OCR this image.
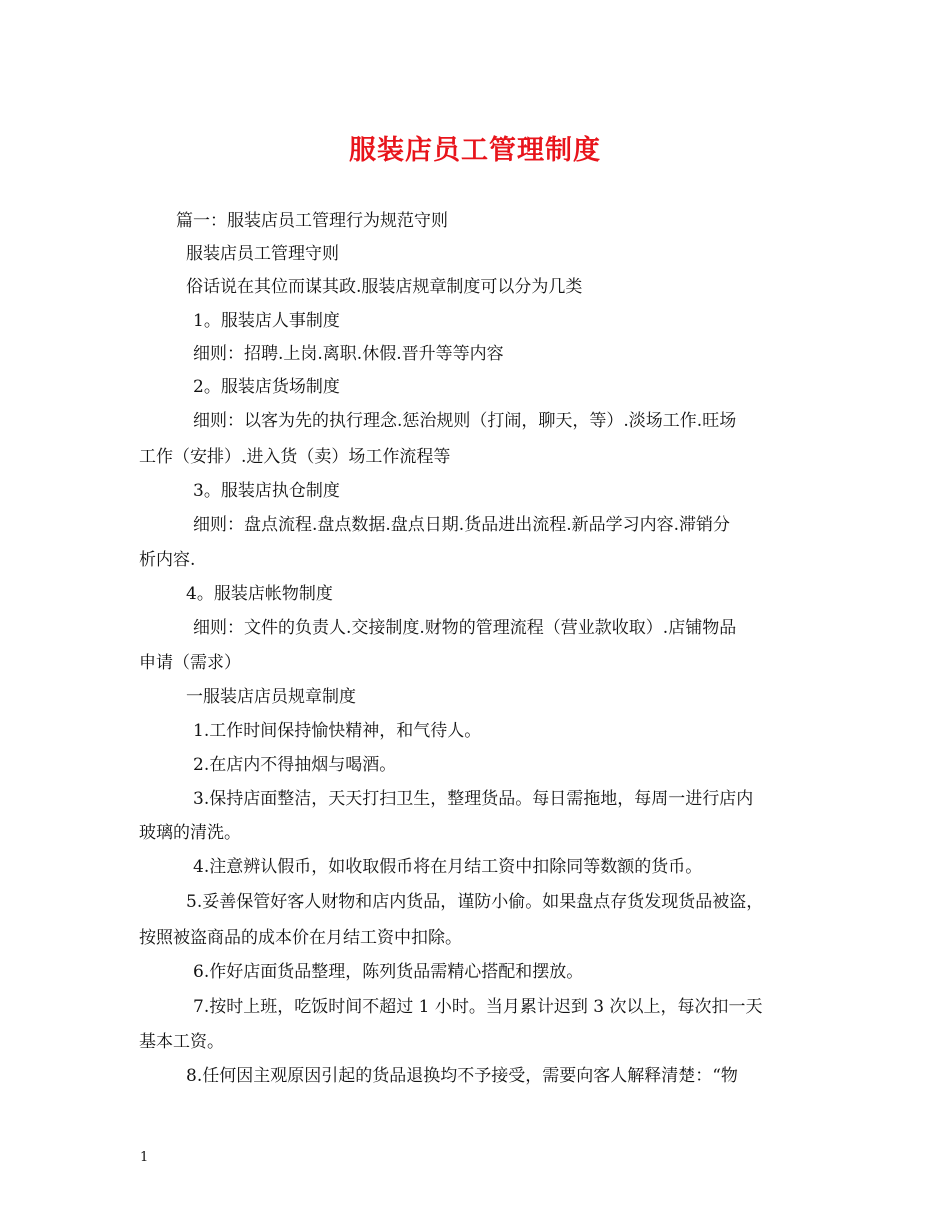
服装店员工管理制度
篇一：服装店员工管理行为规范守则
服装店员工管理守则
俗话说在其位而谋其政.服装店规章制度可以分为几类
1。服装店人事制度
细则：招聘.上岗.离职.休假.晋升等等内容
2。服装店货场制度
细则：以客为先的执行理念.惩治规则（打闹，聊天，等）.淡场工作.旺场
工作（安排）.进入货（卖）场工作流程等
3。服装店执仓制度
细则：盘点流程.盘点数据.盘点日期.货品进出流程.新品学习内容.滞销分
析内容.
4。服装店帐物制度
细则：文件的负责人.交接制度.财物的管理流程（营业款收取）.店铺物品
申请（需求）
一服装店店员规章制度
1.工作时间保持愉快精神，和气待人。
2.在店内不得抽烟与喝酒。
3.保持店面整洁，天天打扫卫生，整理货品。每日需拖地，每周一进行店内
玻璃的清洗。
4.注意辨认假币，如收取假币将在月结工资中扣除同等数额的货币。
5.妥善保管好客人财物和店内货品，谨防小偷。如果盘点存货发现货品被盗，
按照被盗商品的成本价在月结工资中扣除。
6.作好店面货品整理，陈列货品需精心搭配和摆放。
7.按时上班，吃饭时间不超过 1 小时。当月累计迟到 3 次以上，每次扣一天
基本工资。
8.任何因主观原因引起的货品退换均不予接受，需要向客人解释清楚：“物
1
